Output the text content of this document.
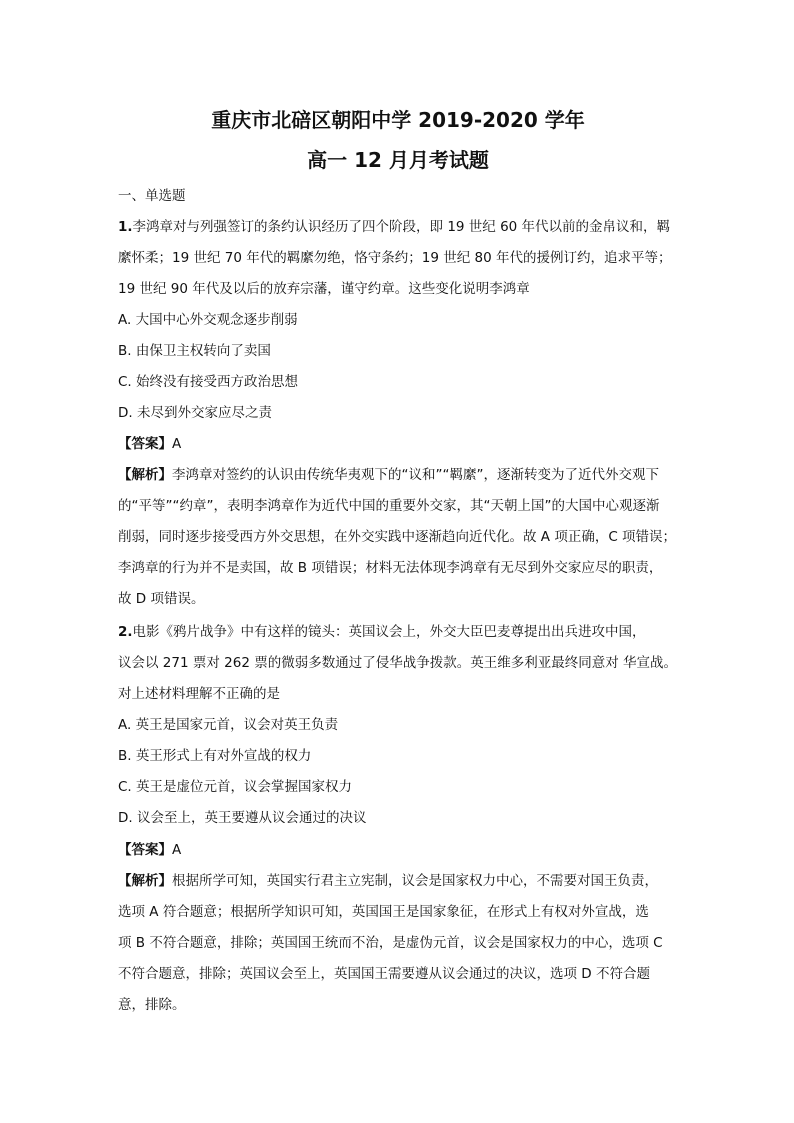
重庆市北碚区朝阳中学 2019-2020 学年
高一 12 月月考试题
一、单选题
1.李鸿章对与列强签订的条约认识经历了四个阶段，即 19 世纪 60 年代以前的金帛议和，羁
縻怀柔；19 世纪 70 年代的羁縻勿绝，恪守条约；19 世纪 80 年代的援例订约，追求平等；
19 世纪 90 年代及以后的放弃宗藩，谨守约章。这些变化说明李鸿章
A. 大国中心外交观念逐步削弱
B. 由保卫主权转向了卖国
C. 始终没有接受西方政治思想
D. 未尽到外交家应尽之责
【答案】A
【解析】李鸿章对签约的认识由传统华夷观下的“议和”“羁縻”，逐渐转变为了近代外交观下
的“平等”“约章”，表明李鸿章作为近代中国的重要外交家，其“天朝上国”的大国中心观逐渐
削弱，同时逐步接受西方外交思想，在外交实践中逐渐趋向近代化。故 A 项正确，C 项错误；
李鸿章的行为并不是卖国，故 B 项错误；材料无法体现李鸿章有无尽到外交家应尽的职责，
故 D 项错误。
2.电影《鸦片战争》中有这样的镜头：英国议会上，外交大臣巴麦尊提出出兵进攻中国，
议会以 271 票对 262 票的微弱多数通过了侵华战争拨款。英王维多利亚最终同意对 华宣战。
对上述材料理解不正确的是
A. 英王是国家元首，议会对英王负责
B. 英王形式上有对外宣战的权力
C. 英王是虚位元首，议会掌握国家权力
D. 议会至上，英王要遵从议会通过的决议
【答案】A
【解析】根据所学可知，英国实行君主立宪制，议会是国家权力中心，不需要对国王负责，
选项 A 符合题意；根据所学知识可知，英国国王是国家象征，在形式上有权对外宣战，选
项 B 不符合题意，排除；英国国王统而不治，是虚伪元首，议会是国家权力的中心，选项 C
不符合题意，排除；英国议会至上，英国国王需要遵从议会通过的决议，选项 D 不符合题
意，排除。
